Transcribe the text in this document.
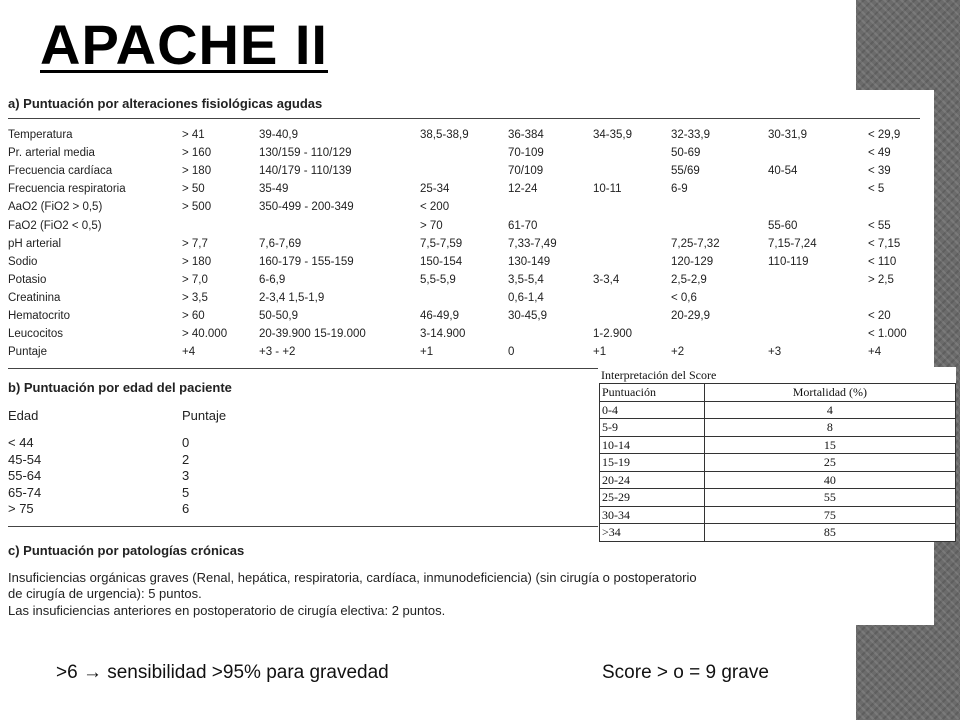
APACHE II
a) Puntuación por alteraciones fisiológicas agudas
Temperatura	> 41	39-40,9	38,5-38,9	36-384	34-35,9	32-33,9	30-31,9	< 29,9
Pr. arterial media	> 160	130/159 - 110/129		70-109		50-69		< 49
Frecuencia cardíaca	> 180	140/179 - 110/139		70/109		55/69	40-54	< 39
Frecuencia respiratoria	> 50	35-49	25-34	12-24	10-11	6-9		< 5
AaO2 (FiO2 > 0,5)	> 500	350-499 - 200-349	< 200					
FaO2 (FiO2 < 0,5)			> 70	61-70			55-60	< 55
pH arterial	> 7,7	7,6-7,69	7,5-7,59	7,33-7,49		7,25-7,32	7,15-7,24	< 7,15
Sodio	> 180	160-179 - 155-159	150-154	130-149		120-129	110-119	< 110
Potasio	> 7,0	6-6,9	5,5-5,9	3,5-5,4	3-3,4	2,5-2,9		> 2,5
Creatinina	> 3,5	2-3,4 1,5-1,9		0,6-1,4		< 0,6		
Hematocrito	> 60	50-50,9	46-49,9	30-45,9		20-29,9		< 20
Leucocitos	> 40.000	20-39.900 15-19.000	3-14.900		1-2.900			< 1.000
Puntaje	+4	+3 - +2	+1	0	+1	+2	+3	+4
b) Puntuación por edad del paciente
Edad	Puntaje
< 44	0
45-54	2
55-64	3
65-74	5
> 75	6
c) Puntuación por patologías crónicas
Insuficiencias orgánicas graves (Renal, hepática, respiratoria, cardíaca, inmunodeficiencia) (sin cirugía o postoperatorio
de cirugía de urgencia): 5 puntos.
Las insuficiencias anteriores en postoperatorio de cirugía electiva: 2 puntos.
Interpretación del Score
Puntuación	Mortalidad (%)
0-4	4
5-9	8
10-14	15
15-19	25
20-24	40
25-29	55
30-34	75
>34	85
>6 → sensibilidad >95% para gravedad	Score > o = 9 grave
